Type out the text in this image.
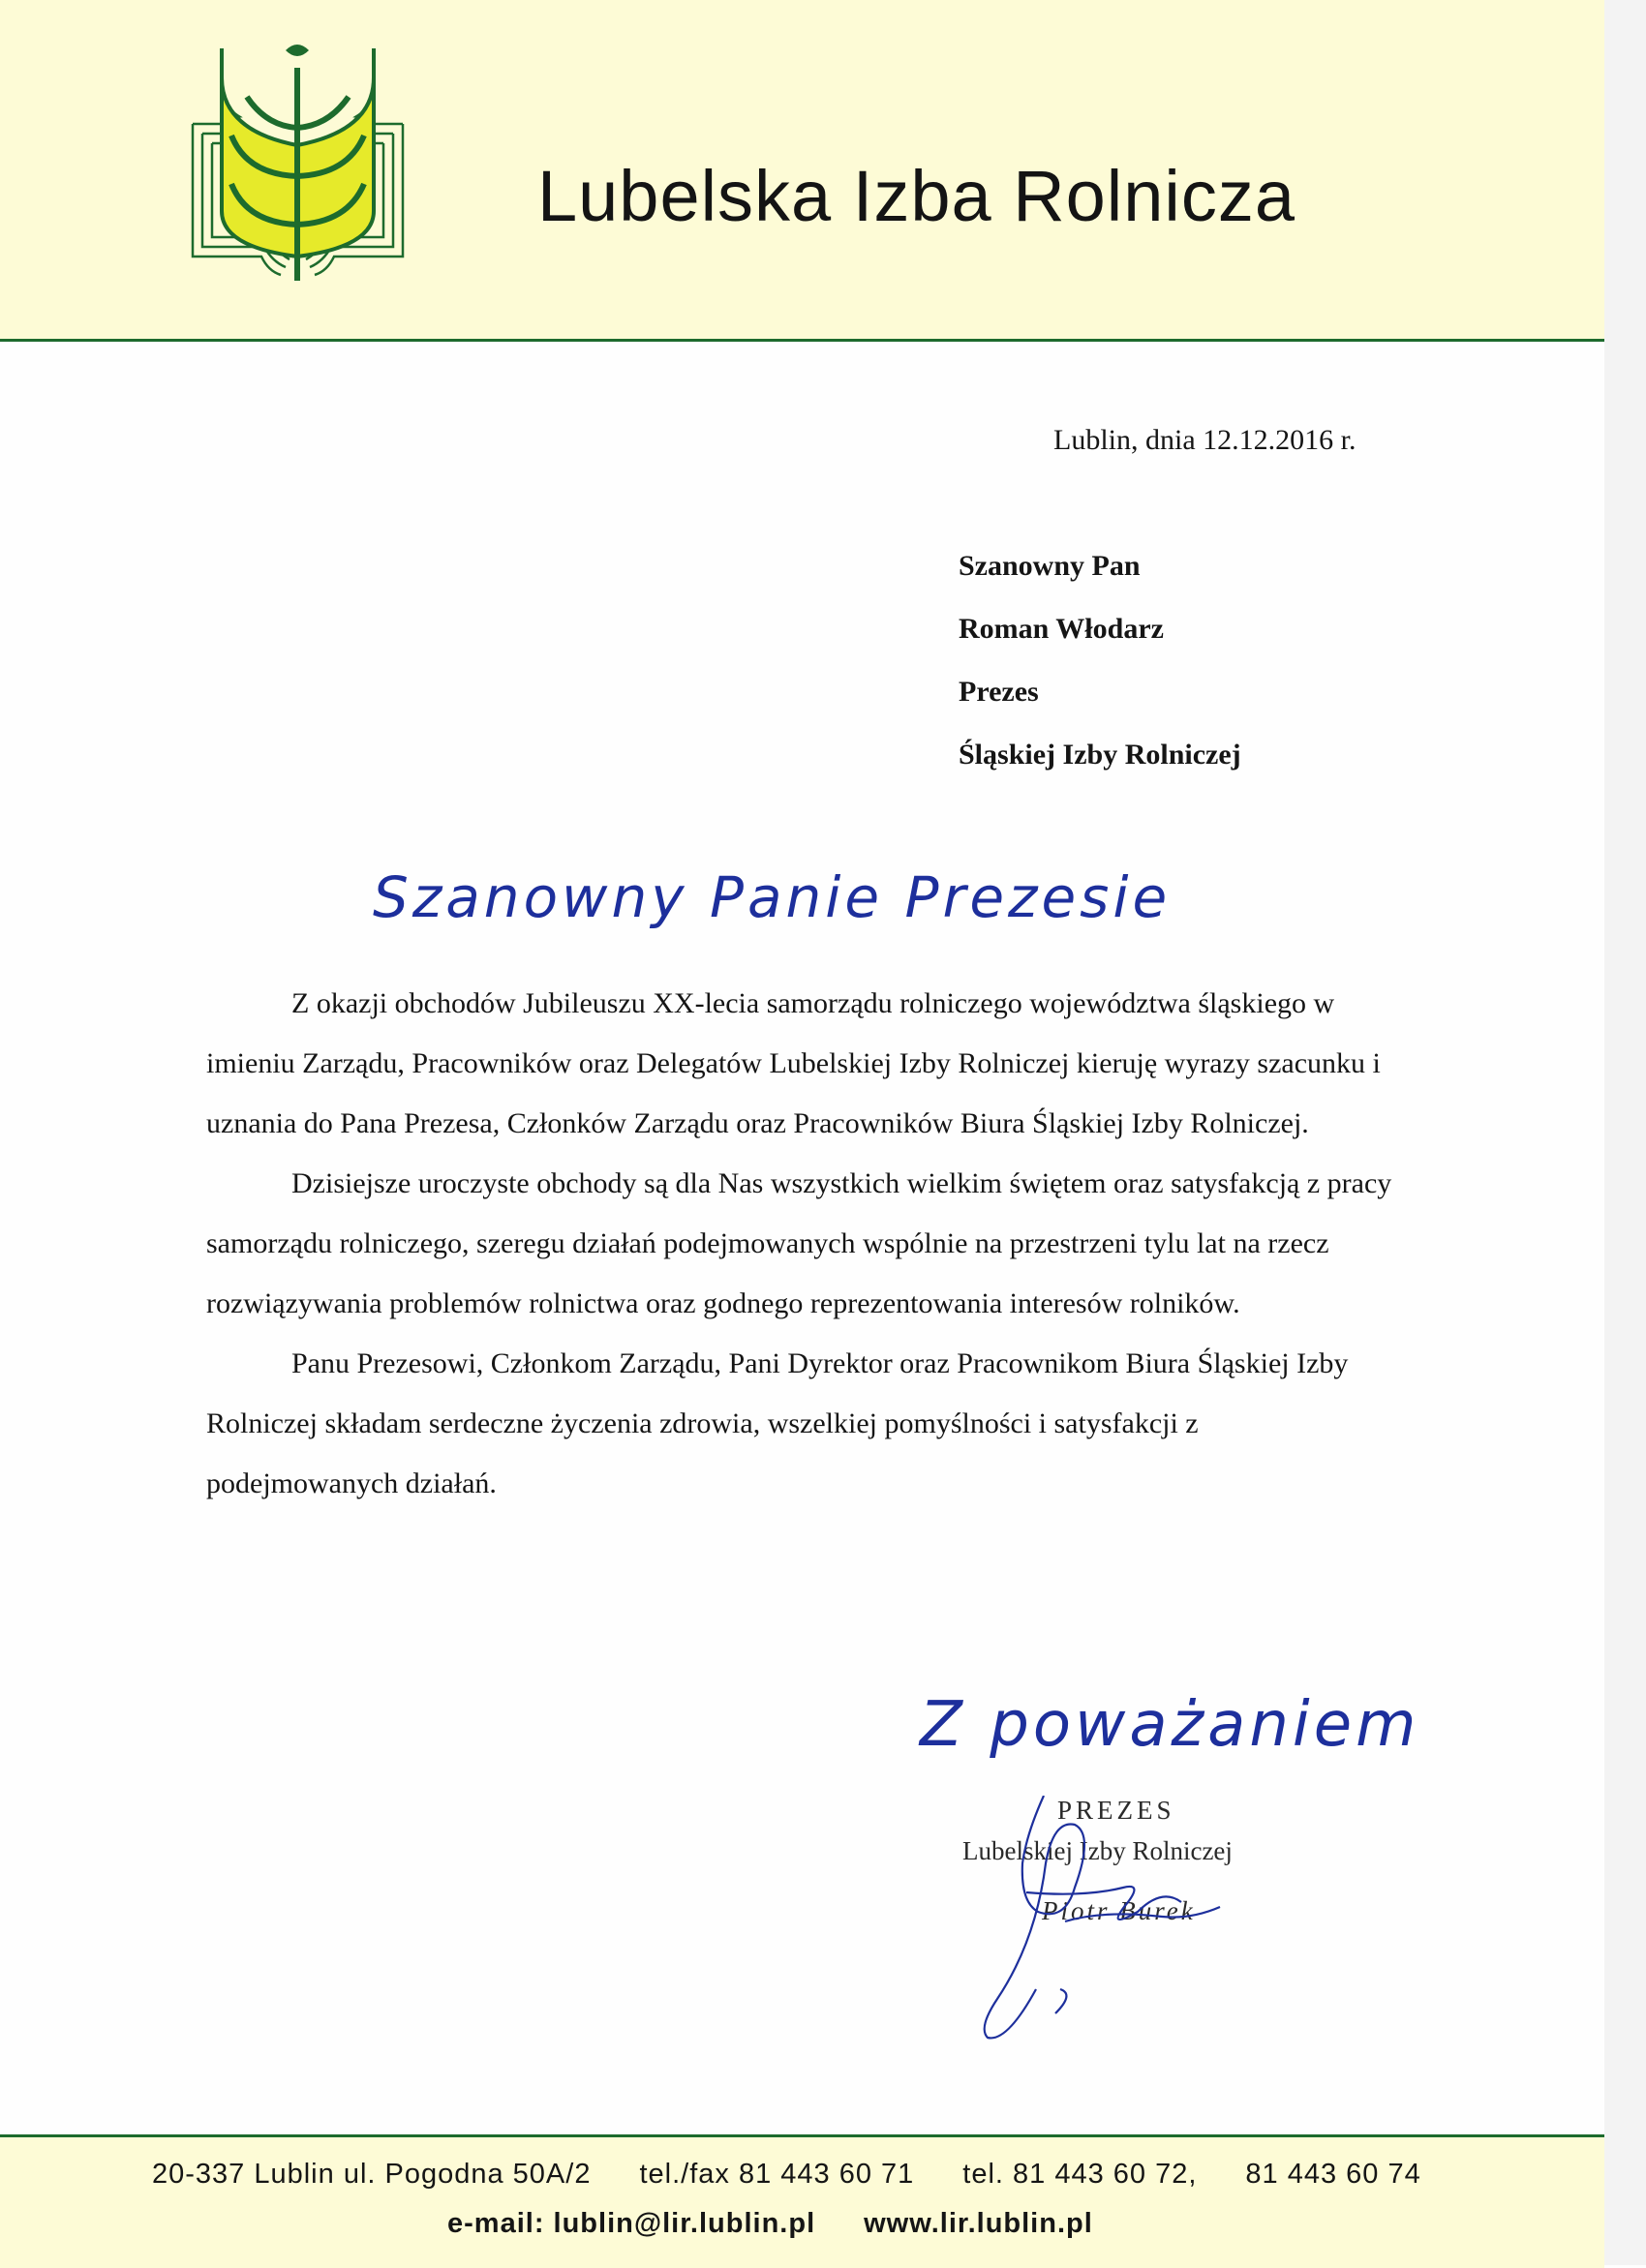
Lubelska Izba Rolnicza
Lublin, dnia 12.12.2016 r.
Szanowny Pan
Roman Włodarz
Prezes
Śląskiej Izby Rolniczej
Szanowny Panie Prezesie

Z okazji obchodów Jubileuszu XX-lecia samorządu rolniczego województwa śląskiego w imieniu Zarządu, Pracowników oraz Delegatów Lubelskiej Izby Rolniczej kieruję wyrazy szacunku i uznania do Pana Prezesa, Członków Zarządu oraz Pracowników Biura Śląskiej Izby Rolniczej.

Dzisiejsze uroczyste obchody są dla Nas wszystkich wielkim świętem oraz satysfakcją z pracy samorządu rolniczego, szeregu działań podejmowanych wspólnie na przestrzeni tylu lat na rzecz rozwiązywania problemów rolnictwa oraz godnego reprezentowania interesów rolników.

Panu Prezesowi, Członkom Zarządu, Pani Dyrektor oraz Pracownikom Biura Śląskiej Izby Rolniczej składam serdeczne życzenia zdrowia, wszelkiej pomyślności i satysfakcji z podejmowanych działań.

Z poważaniem
PREZES
Lubelskiej Izby Rolniczej
Piotr Burek
20-337 Lublin ul. Pogodna 50A/2 tel./fax 81 443 60 71 tel. 81 443 60 72, 81 443 60 74
e-mail: lublin@lir.lublin.pl www.lir.lublin.pl
